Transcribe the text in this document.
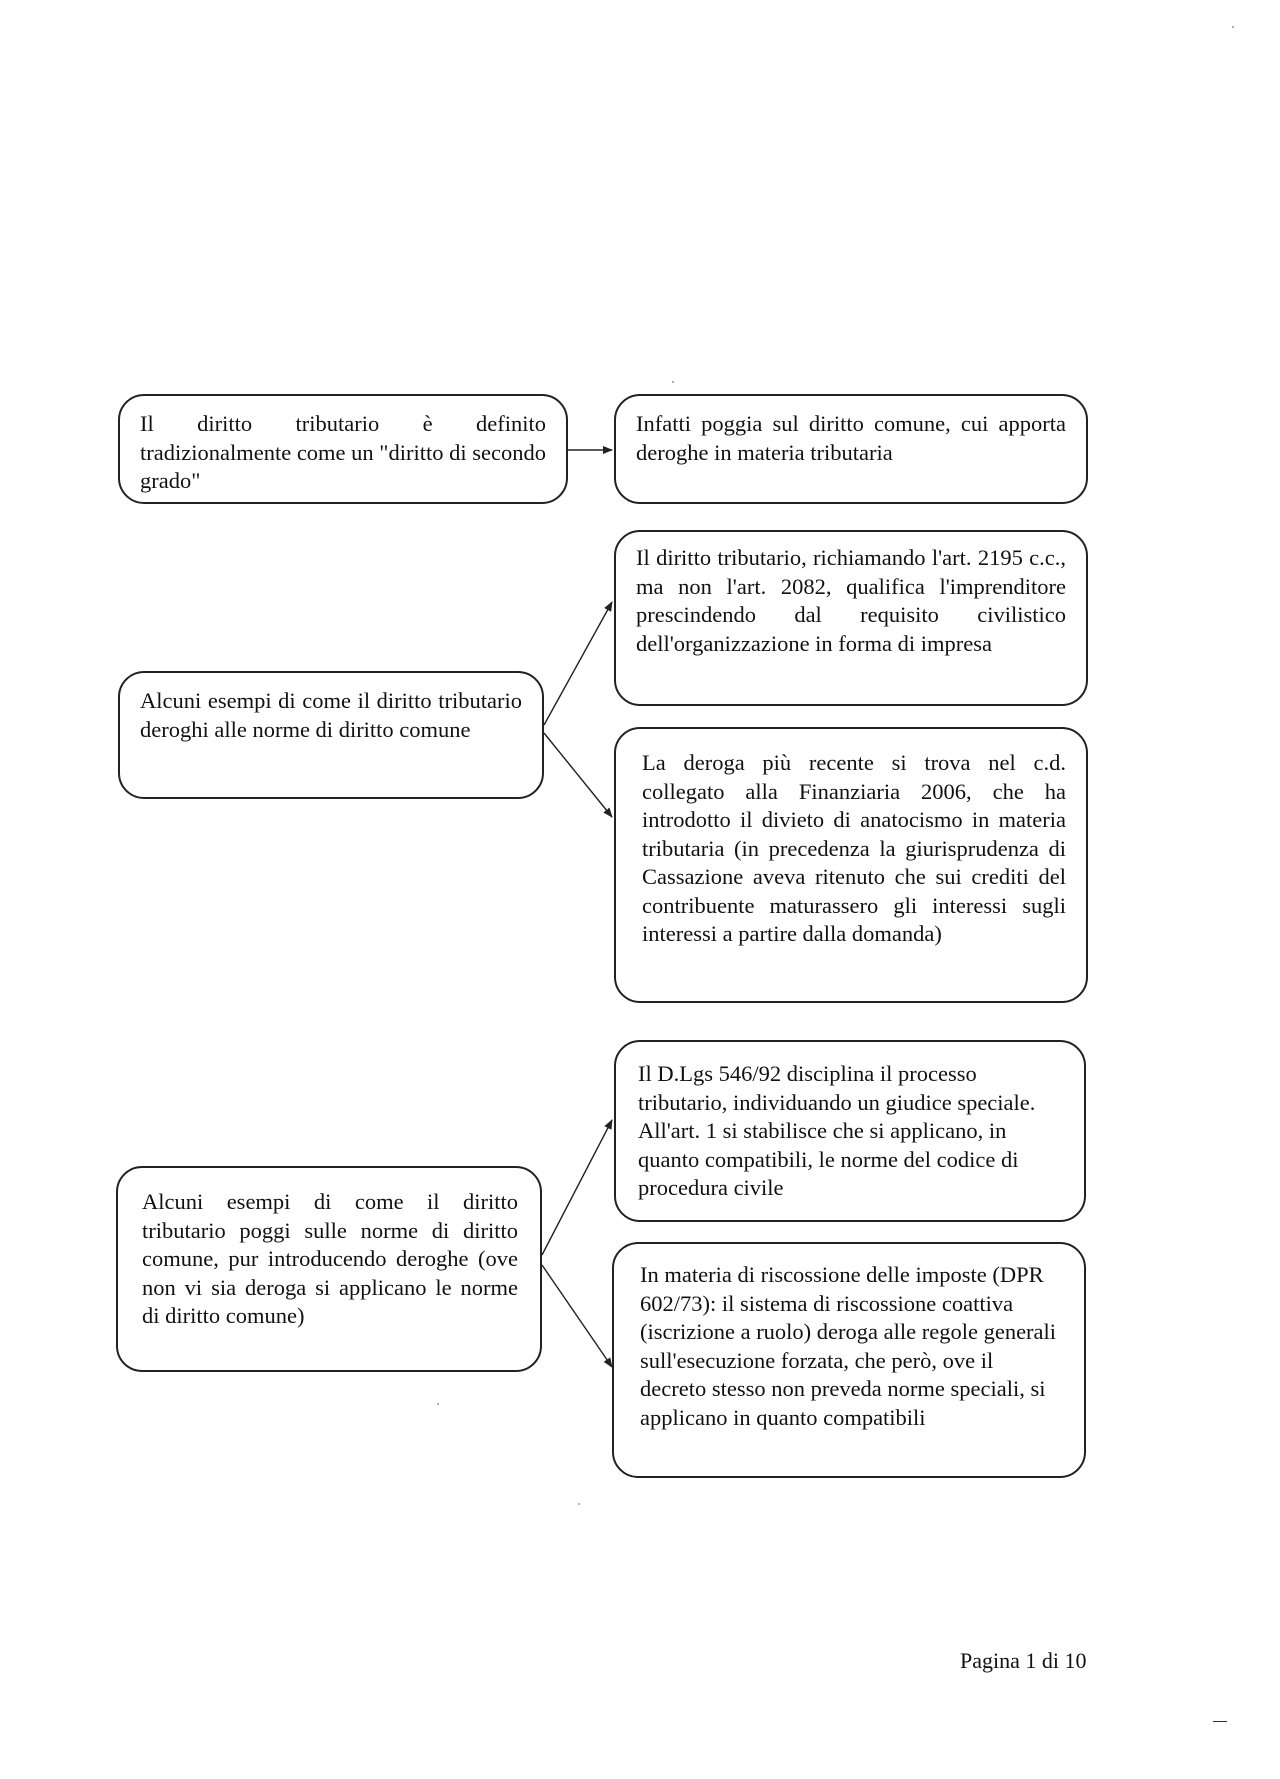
Il diritto tributario è definito tradizionalmente come un "diritto di secondo grado"
Infatti poggia sul diritto comune, cui apporta deroghe in materia tributaria
Alcuni esempi di come il diritto tributario deroghi alle norme di diritto comune
Il diritto tributario, richiamando l'art. 2195 c.c., ma non l'art. 2082, qualifica l'imprenditore prescindendo dal requisito civilistico dell'organizzazione in forma di impresa
La deroga più recente si trova nel c.d. collegato alla Finanziaria 2006, che ha introdotto il divieto di anatocismo in materia tributaria (in precedenza la giurisprudenza di Cassazione aveva ritenuto che sui crediti del contribuente maturassero gli interessi sugli interessi a partire dalla domanda)
Alcuni esempi di come il diritto tributario poggi sulle norme di diritto comune, pur introducendo deroghe (ove non vi sia deroga si applicano le norme di diritto comune)
Il D.Lgs 546/92 disciplina il processo tributario, individuando un giudice speciale. All'art. 1 si stabilisce che si applicano, in quanto compatibili, le norme del codice di procedura civile
In materia di riscossione delle imposte (DPR 602/73): il sistema di riscossione coattiva (iscrizione a ruolo) deroga alle regole generali sull'esecuzione forzata, che però, ove il decreto stesso non preveda norme speciali, si applicano in quanto compatibili
Pagina 1 di 10
